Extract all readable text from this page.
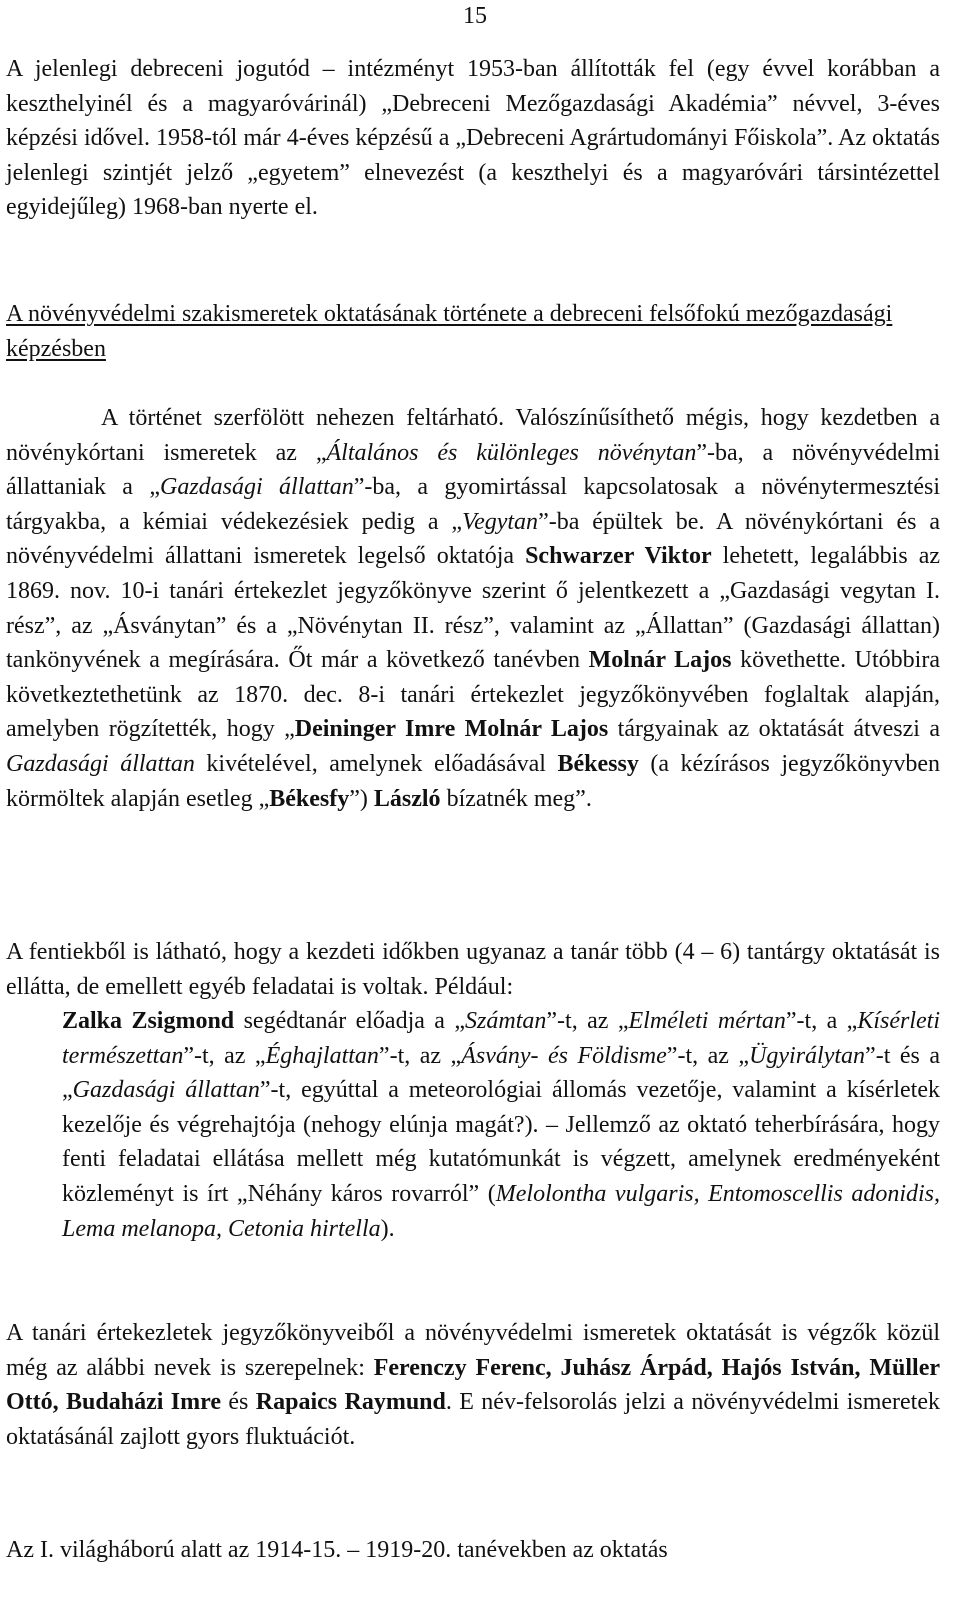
15
A jelenlegi debreceni jogutód – intézményt 1953-ban állították fel (egy évvel korábban a keszthelyinél és a magyaróvárinál) „Debreceni Mezőgazdasági Akadémia” névvel, 3-éves képzési idővel. 1958-tól már 4-éves képzésű a „Debreceni Agrártudományi Főiskola”. Az oktatás jelenlegi szintjét jelző „egyetem” elnevezést (a keszthelyi és a magyaróvári társintézettel egyidejűleg) 1968-ban nyerte el.
A növényvédelmi szakismeretek oktatásának története a debreceni felsőfokú mezőgazdasági képzésben
A történet szerfölött nehezen feltárható. Valószínűsíthető mégis, hogy kezdetben a növénykórtani ismeretek az „Általános és különleges növénytan”-ba, a növényvédelmi állattaniak a „Gazdasági állattan”-ba, a gyomirtással kapcsolatosak a növénytermesztési tárgyakba, a kémiai védekezésiek pedig a „Vegytan”-ba épültek be. A növénykórtani és a növényvédelmi állattani ismeretek legelső oktatója Schwarzer Viktor lehetett, legalábbis az 1869. nov. 10-i tanári értekezlet jegyzőkönyve szerint ő jelentkezett a „Gazdasági vegytan I. rész”, az „Ásványtan” és a „Növénytan II. rész”, valamint az „Állattan” (Gazdasági állattan) tankönyvének a megírására. Őt már a következő tanévben Molnár Lajos követhette. Utóbbira következtethetünk az 1870. dec. 8-i tanári értekezlet jegyzőkönyvében foglaltak alapján, amelyben rögzítették, hogy „Deininger Imre Molnár Lajos tárgyainak az oktatását átveszi a Gazdasági állattan kivételével, amelynek előadásával Békessy (a kézírásos jegyzőkönyvben körmöltek alapján esetleg „Békesfy”) László bízatnék meg”.
A fentiekből is látható, hogy a kezdeti időkben ugyanaz a tanár több (4 – 6) tantárgy oktatását is ellátta, de emellett egyéb feladatai is voltak. Például:
Zalka Zsigmond segédtanár előadja a „Számtan”-t, az „Elméleti mértan”-t, a „Kísérleti természettan”-t, az „Éghajlattan”-t, az „Ásvány- és Földisme”-t, az „Ügyirálytan”-t és a „Gazdasági állattan”-t, egyúttal a meteorológiai állomás vezetője, valamint a kísérletek kezelője és végrehajtója (nehogy elúnja magát?). – Jellemző az oktató teherbírására, hogy fenti feladatai ellátása mellett még kutatómunkát is végzett, amelynek eredményeként közleményt is írt „Néhány káros rovarról” (Melolontha vulgaris, Entomoscellis adonidis, Lema melanopa, Cetonia hirtella).
A tanári értekezletek jegyzőkönyveiből a növényvédelmi ismeretek oktatását is végzők közül még az alábbi nevek is szerepelnek: Ferenczy Ferenc, Juhász Árpád, Hajós István, Müller Ottó, Budaházi Imre és Rapaics Raymund. E név-felsorolás jelzi a növényvédelmi ismeretek oktatásánál zajlott gyors fluktuációt.
Az I. világháború alatt az 1914-15. – 1919-20. tanévekben az oktatás
